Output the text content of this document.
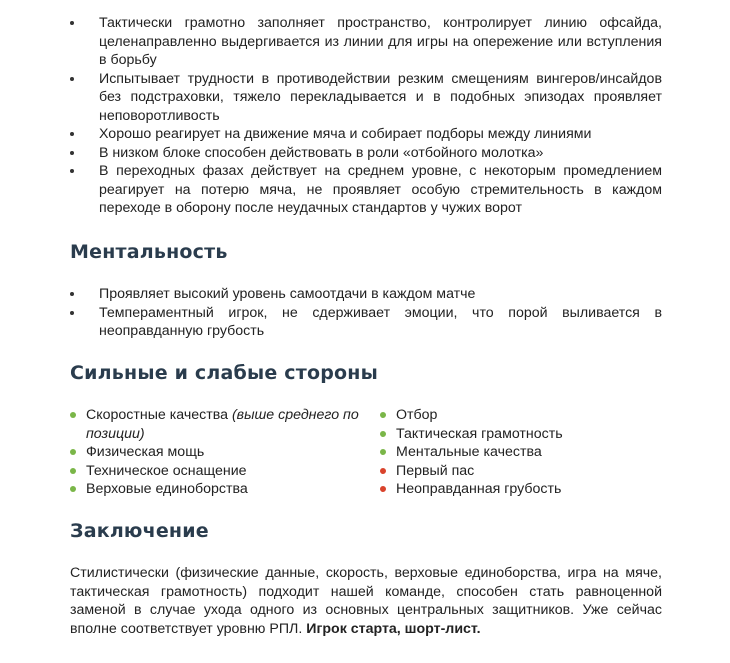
Тактически грамотно заполняет пространство, контролирует линию офсайда, целенаправленно выдергивается из линии для игры на опережение или вступления в борьбу
Испытывает трудности в противодействии резким смещениям вингеров/инсайдов без подстраховки, тяжело перекладывается и в подобных эпизодах проявляет неповоротливость
Хорошо реагирует на движение мяча и собирает подборы между линиями
В низком блоке способен действовать в роли «отбойного молотка»
В переходных фазах действует на среднем уровне, с некоторым промедлением реагирует на потерю мяча, не проявляет особую стремительность в каждом переходе в оборону после неудачных стандартов у чужих ворот
Ментальность
Проявляет высокий уровень самоотдачи в каждом матче
Темпераментный игрок, не сдерживает эмоции, что порой выливается в неоправданную грубость
Сильные и слабые стороны
Скоростные качества (выше среднего по позиции)
Физическая мощь
Техническое оснащение
Верховые единоборства
Отбор
Тактическая грамотность
Ментальные качества
Первый пас
Неоправданная грубость
Заключение

Стилистически (физические данные, скорость, верховые единоборства, игра на мяче, тактическая грамотность) подходит нашей команде, способен стать равноценной заменой в случае ухода одного из основных центральных защитников. Уже сейчас вполне соответствует уровню РПЛ. Игрок старта, шорт-лист.
